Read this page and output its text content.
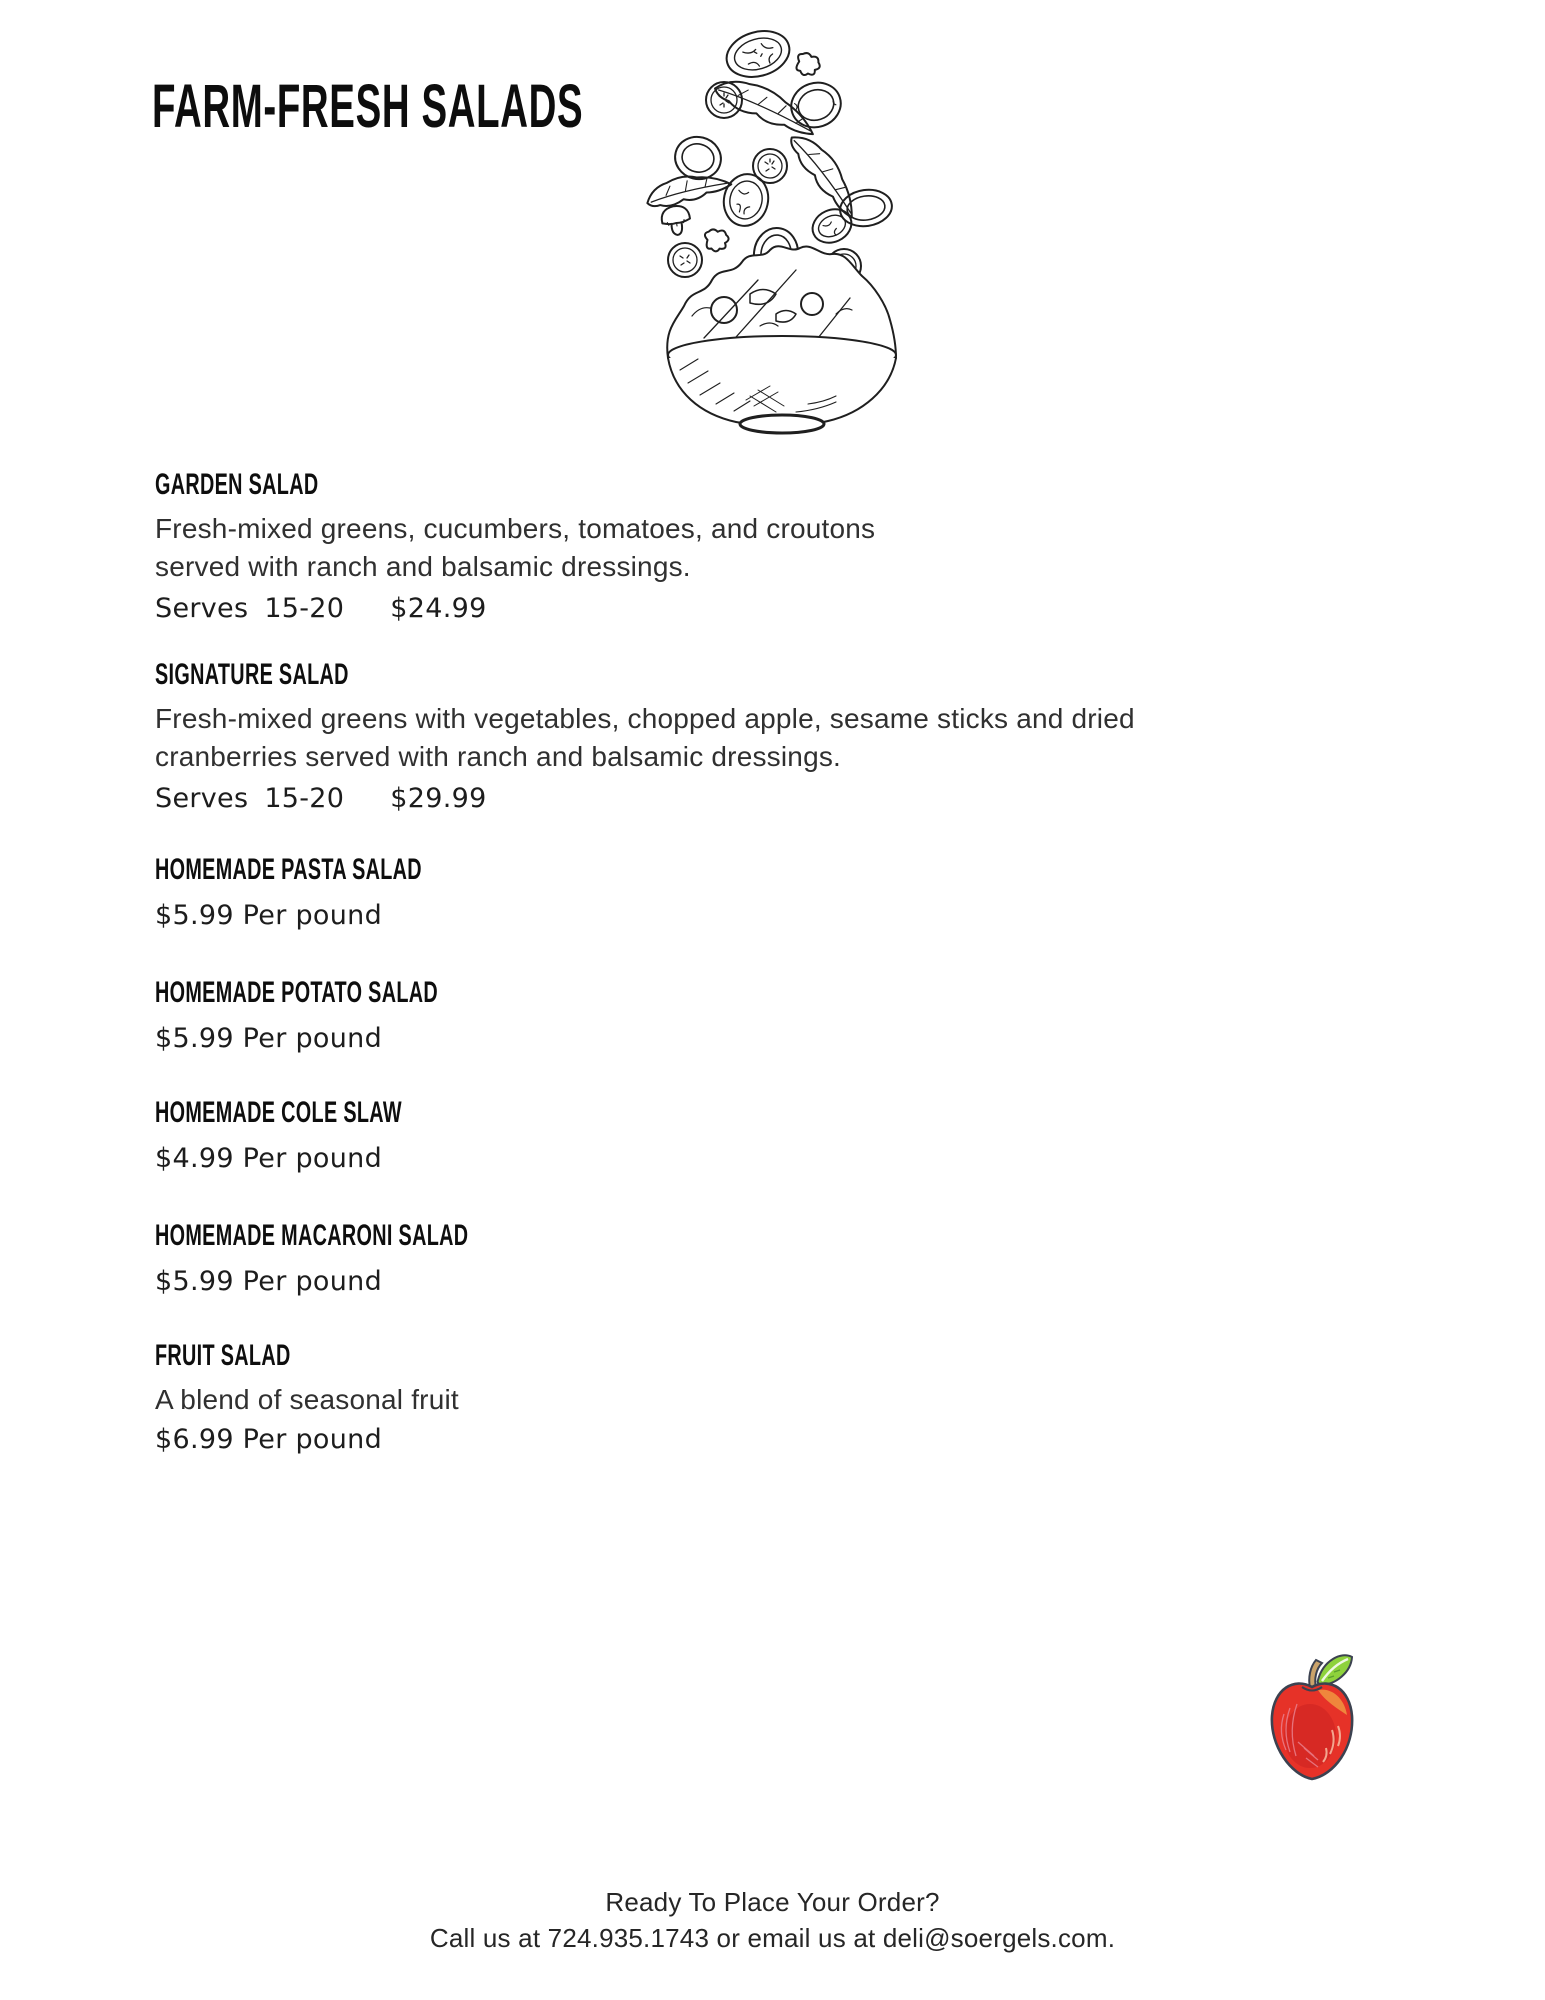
FARM-FRESH SALADS
GARDEN SALAD

Fresh-mixed greens, cucumbers, tomatoes, and croutons
served with ranch and balsamic dressings.

Serves 15-20 $24.99

SIGNATURE SALAD

Fresh-mixed greens with vegetables, chopped apple, sesame sticks and dried
cranberries served with ranch and balsamic dressings.

Serves 15-20 $29.99

HOMEMADE PASTA SALAD

$5.99 Per pound

HOMEMADE POTATO SALAD

$5.99 Per pound

HOMEMADE COLE SLAW

$4.99 Per pound

HOMEMADE MACARONI SALAD

$5.99 Per pound

FRUIT SALAD

A blend of seasonal fruit

$6.99 Per pound

Ready To Place Your Order?
Call us at 724.935.1743 or email us at deli@soergels.com.
